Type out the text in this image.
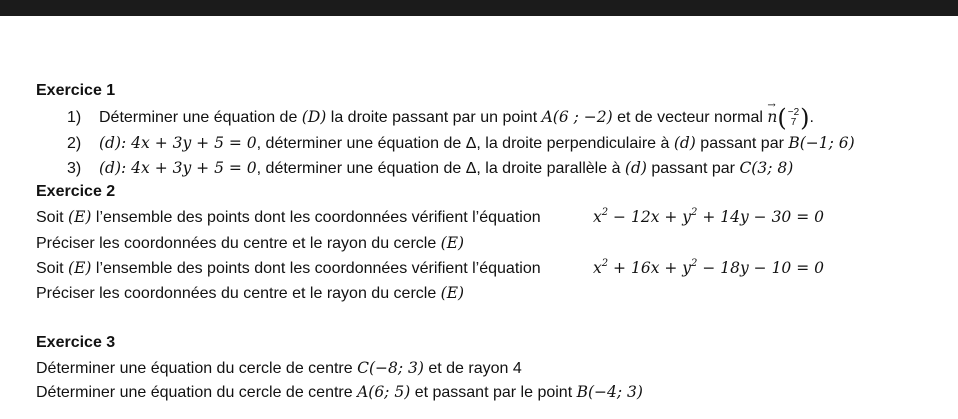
Exercice 1
1) Déterminer une équation de (D) la droite passant par un point A(6 ; −2) et de vecteur normal → n ( −2
7 ) .
2) (d): 4x + 3y + 5 = 0, déterminer une équation de Δ, la droite perpendiculaire à (d) passant par B(−1; 6)
3) (d): 4x + 3y + 5 = 0, déterminer une équation de Δ, la droite parallèle à (d) passant par C(3; 8)
Exercice 2
Soit (E) l’ensemble des points dont les coordonnées vérifient l’équation	$x^2 - 12x + y^2 + 14y - 30 = 0$
Préciser les coordonnées du centre et le rayon du cercle (E)
Soit (E) l’ensemble des points dont les coordonnées vérifient l’équation	$x^2 + 16x + y^2 - 18y - 10 = 0$
Préciser les coordonnées du centre et le rayon du cercle (E)
Exercice 3
Déterminer une équation du cercle de centre C(−8; 3) et de rayon 4
Déterminer une équation du cercle de centre A(6; 5) et passant par le point B(−4; 3)
